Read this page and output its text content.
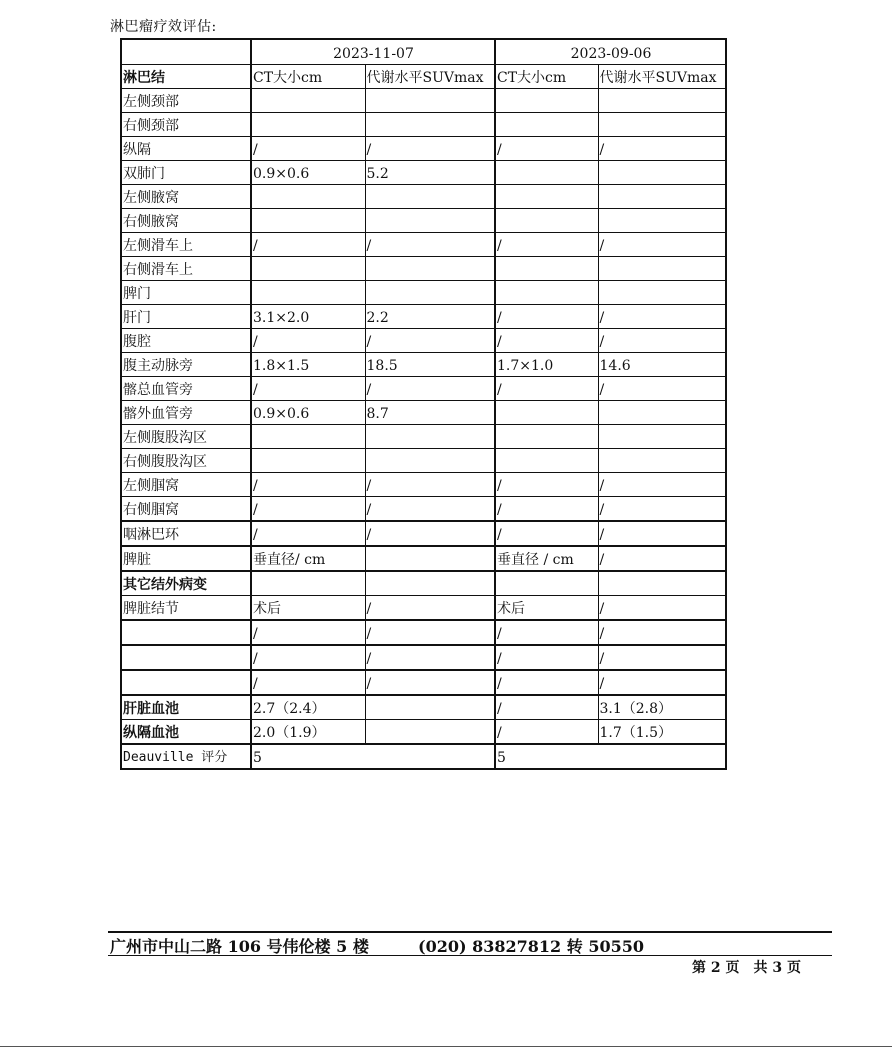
淋巴瘤疗效评估:
	2023-11-07		2023-09-06	
淋巴结	CT大小cm	代谢水平SUVmax	CT大小cm	代谢水平SUVmax
左侧颈部				
右侧颈部				
纵隔	/	/	/	/
双肺门	0.9×0.6	5.2		
左侧腋窝				
右侧腋窝				
左侧滑车上	/	/	/	/
右侧滑车上				
脾门				
肝门	3.1×2.0	2.2	/	/
腹腔	/	/	/	/
腹主动脉旁	1.8×1.5	18.5	1.7×1.0	14.6
髂总血管旁	/	/	/	/
髂外血管旁	0.9×0.6	8.7		
左侧腹股沟区				
右侧腹股沟区				
左侧腘窝	/	/	/	/
右侧腘窝	/	/	/	/
咽淋巴环	/	/	/	/
脾脏	垂直径/ cm		垂直径 / cm	/
其它结外病变				
脾脏结节	术后	/	术后	/
	/	/	/	/
	/	/	/	/
	/	/	/	/
肝脏血池	2.7（2.4）		/	3.1（2.8）
纵隔血池	2.0（1.9）		/	1.7（1.5）
Deauville 评分	5		5	
广州市中山二路 106 号伟伦楼 5 楼	(020) 83827812 转 50550
第 2 页 共 3 页
